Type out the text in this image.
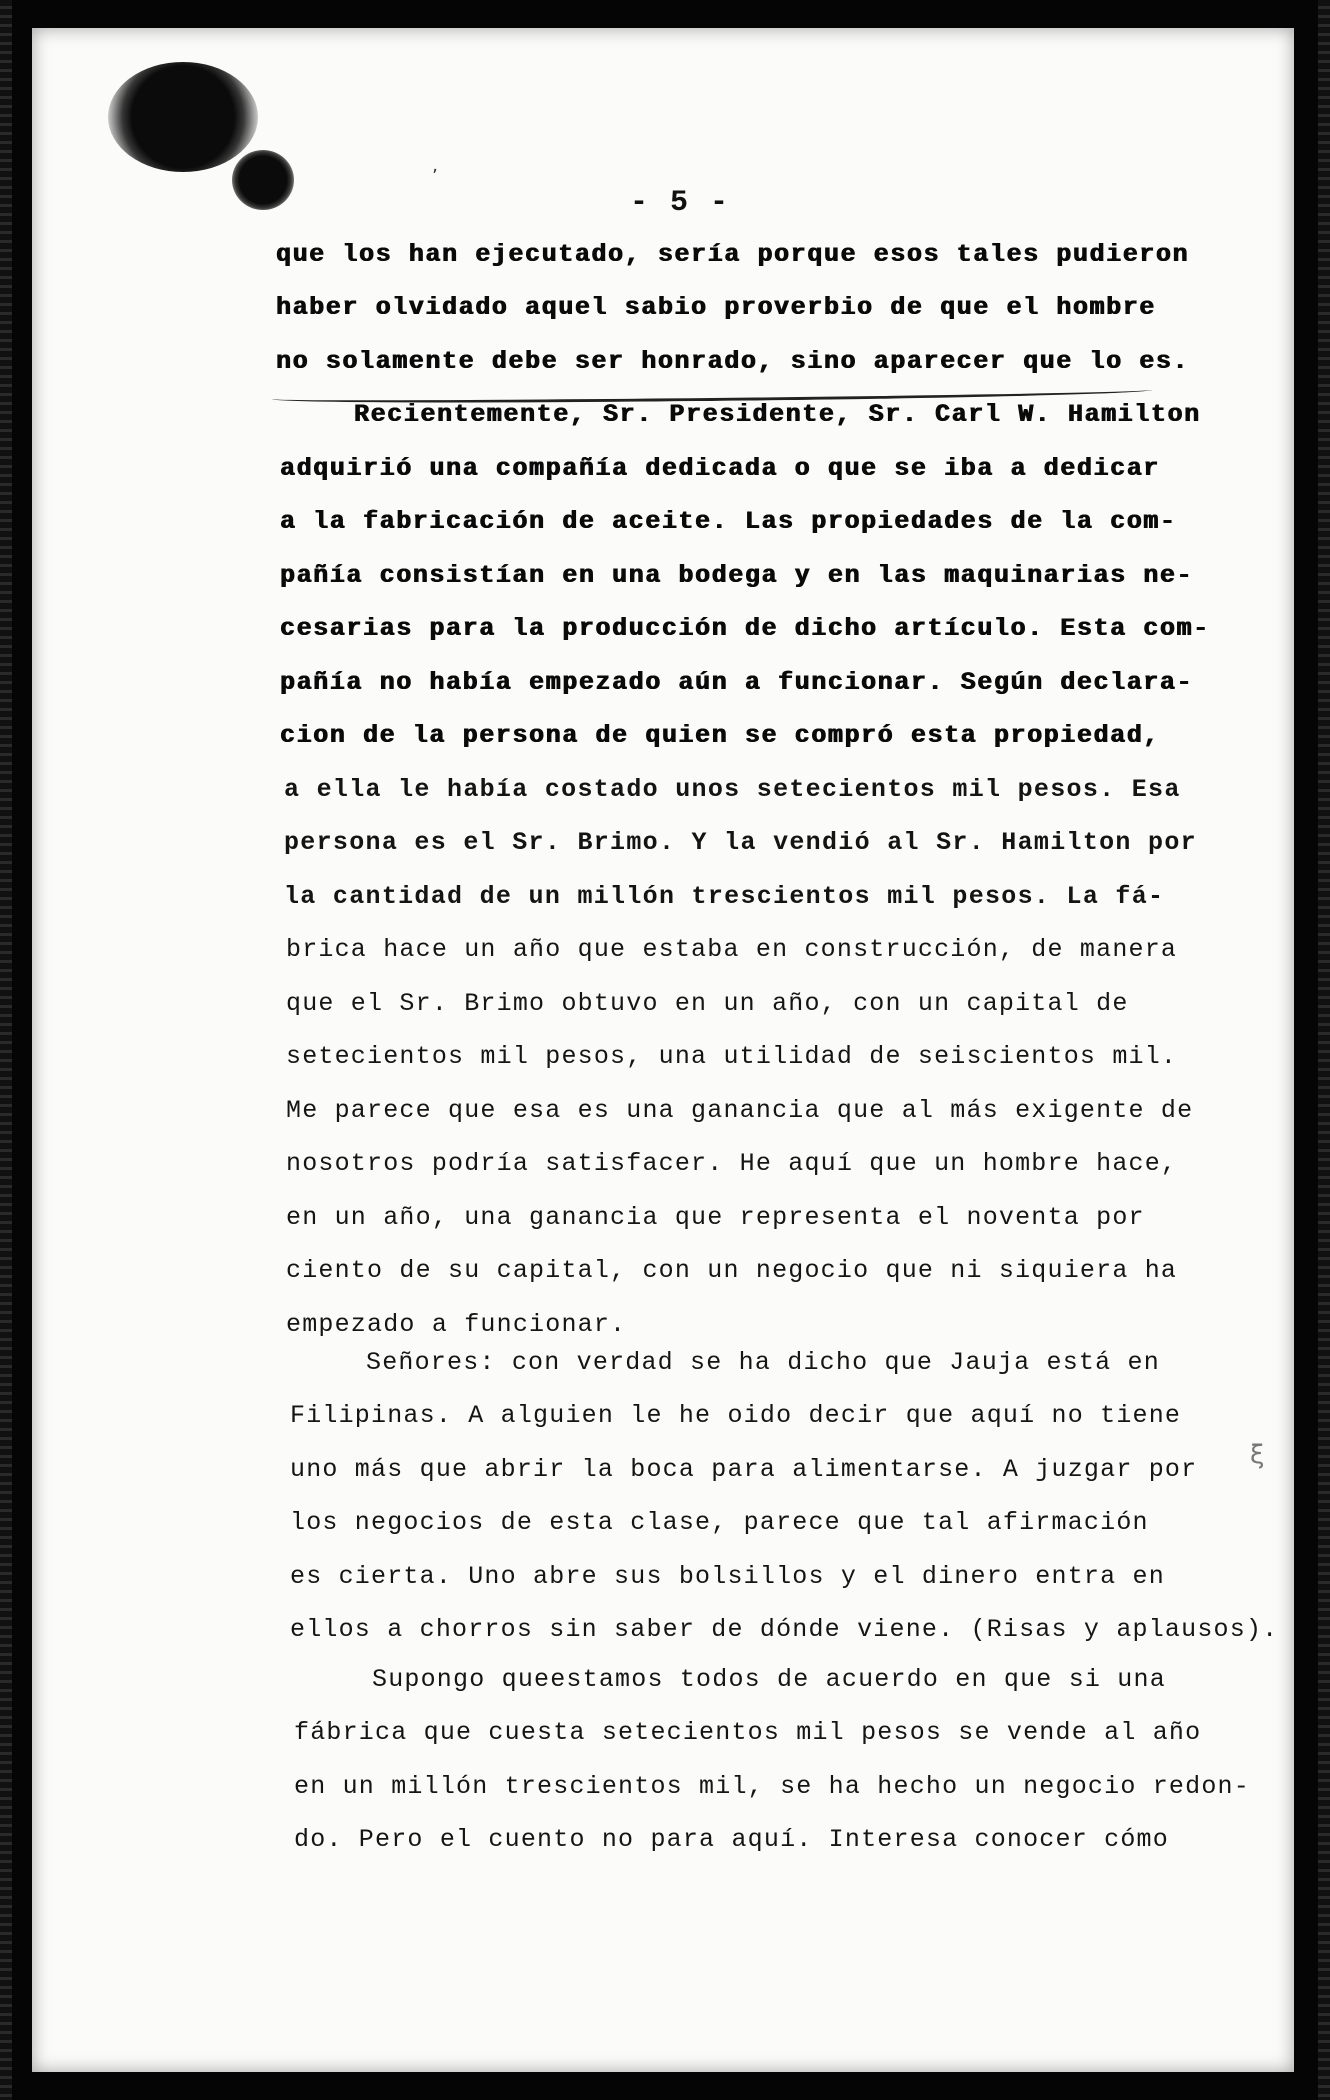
ʼ
ξ
- 5 -
que los han ejecutado, sería porque esos tales pudieron
haber olvidado aquel sabio proverbio de que el hombre
no solamente debe ser honrado, sino aparecer que lo es.
Recientemente, Sr. Presidente, Sr. Carl W. Hamilton
adquirió una compañía dedicada o que se iba a dedicar
a la fabricación de aceite. Las propiedades de la com-
pañía consistían en una bodega y en las maquinarias ne-
cesarias para la producción de dicho artículo. Esta com-
pañía no había empezado aún a funcionar. Según declara-
cion de la persona de quien se compró esta propiedad,
a ella le había costado unos setecientos mil pesos. Esa
persona es el Sr. Brimo. Y la vendió al Sr. Hamilton por
la cantidad de un millón trescientos mil pesos. La fá-
brica hace un año que estaba en construcción, de manera
que el Sr. Brimo obtuvo en un año, con un capital de
setecientos mil pesos, una utilidad de seiscientos mil.
Me parece que esa es una ganancia que al más exigente de
nosotros podría satisfacer. He aquí que un hombre hace,
en un año, una ganancia que representa el noventa por
ciento de su capital, con un negocio que ni siquiera ha
empezado a funcionar.
Señores: con verdad se ha dicho que Jauja está en
Filipinas. A alguien le he oido decir que aquí no tiene
uno más que abrir la boca para alimentarse. A juzgar por
los negocios de esta clase, parece que tal afirmación
es cierta. Uno abre sus bolsillos y el dinero entra en
ellos a chorros sin saber de dónde viene. (Risas y aplausos).
Supongo queestamos todos de acuerdo en que si una
fábrica que cuesta setecientos mil pesos se vende al año
en un millón trescientos mil, se ha hecho un negocio redon-
do. Pero el cuento no para aquí. Interesa conocer cómo
